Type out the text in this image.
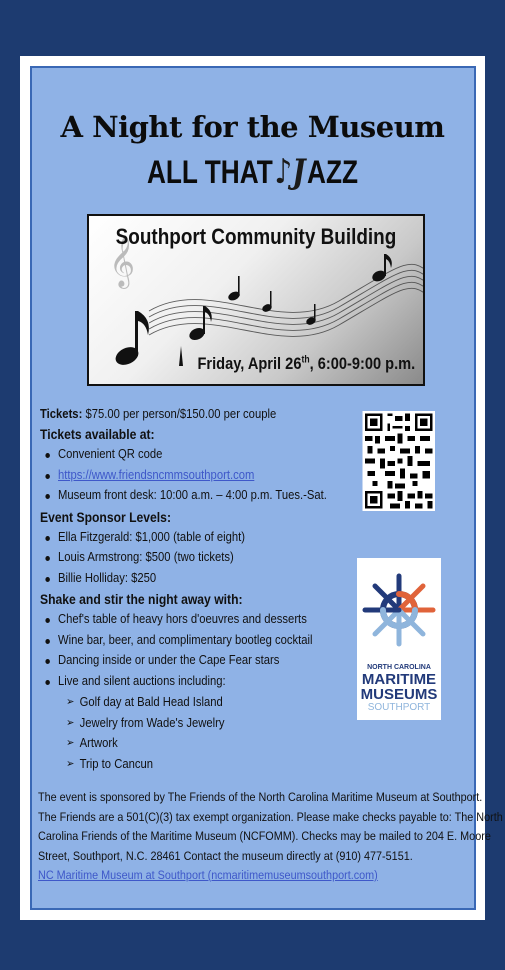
A Night for the Museum
ALL THAT♪JAZZ
𝄞
Southport Community Building
Friday, April 26th, 6:00-9:00 p.m.
Tickets: $75.00 per person/$150.00 per couple
Tickets available at:
Convenient QR code
https://www.friendsncmmsouthport.com
Museum front desk: 10:00 a.m. – 4:00 p.m. Tues.-Sat.
Event Sponsor Levels:
Ella Fitzgerald: $1,000 (table of eight)
Louis Armstrong: $500 (two tickets)
Billie Holliday: $250
Shake and stir the night away with:
Chef's table of heavy hors d'oeuvres and desserts
Wine bar, beer, and complimentary bootleg cocktail
Dancing inside or under the Cape Fear stars
Live and silent auctions including:
➢ Golf day at Bald Head Island
➢ Jewelry from Wade's Jewelry
➢ Artwork
➢ Trip to Cancun
NORTH CAROLINA
MARITIME
MUSEUMS
SOUTHPORT
The event is sponsored by The Friends of the North Carolina Maritime Museum at Southport.
The Friends are a 501(C)(3) tax exempt organization. Please make checks payable to: The North
Carolina Friends of the Maritime Museum (NCFOMM). Checks may be mailed to 204 E. Moore
Street, Southport, N.C. 28461 Contact the museum directly at (910) 477-5151.
NC Maritime Museum at Southport (ncmaritimemuseumsouthport.com)
